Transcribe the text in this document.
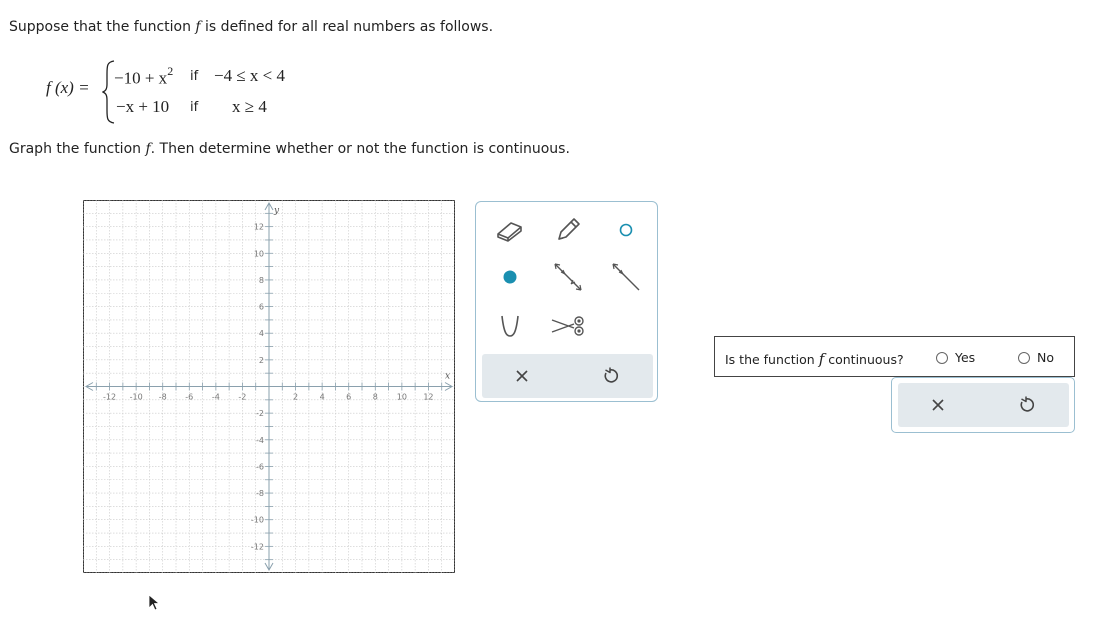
Suppose that the function f is defined for all real numbers as follows.
f $(x) = -10 + x^2$ if −4 ≤ x < 4
−x + 10 if x ≥ 4
Graph the function f. Then determine whether or not the function is continuous.
-12 -10 -8 -6 -4 -2	2	4	6	8 10 12
12
10
8
6
4
2
-2
-4
-6
-8
-10
-12
x
y
Is the function f continuous?	Yes	No
